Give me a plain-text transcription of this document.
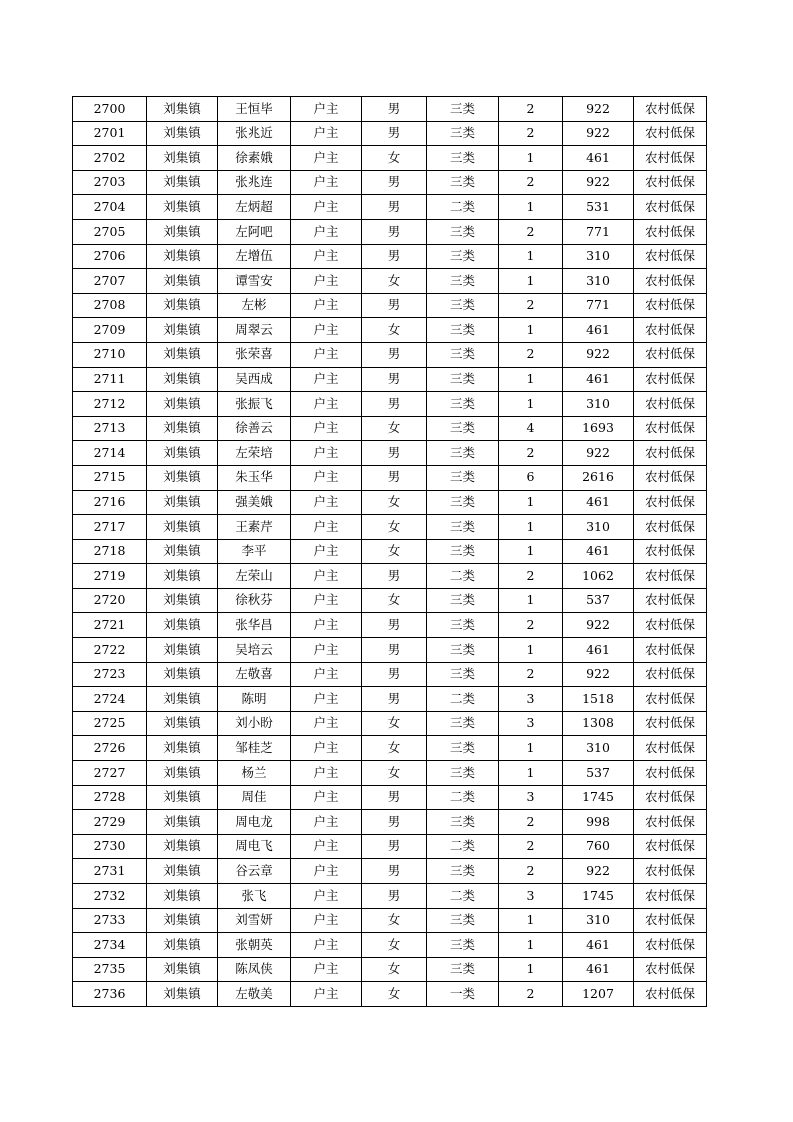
2700	刘集镇	王恒毕	户主	男	三类	2	922	农村低保
2701	刘集镇	张兆近	户主	男	三类	2	922	农村低保
2702	刘集镇	徐素娥	户主	女	三类	1	461	农村低保
2703	刘集镇	张兆连	户主	男	三类	2	922	农村低保
2704	刘集镇	左炳超	户主	男	二类	1	531	农村低保
2705	刘集镇	左阿吧	户主	男	三类	2	771	农村低保
2706	刘集镇	左增伍	户主	男	三类	1	310	农村低保
2707	刘集镇	谭雪安	户主	女	三类	1	310	农村低保
2708	刘集镇	左彬	户主	男	三类	2	771	农村低保
2709	刘集镇	周翠云	户主	女	三类	1	461	农村低保
2710	刘集镇	张荣喜	户主	男	三类	2	922	农村低保
2711	刘集镇	吴西成	户主	男	三类	1	461	农村低保
2712	刘集镇	张振飞	户主	男	三类	1	310	农村低保
2713	刘集镇	徐善云	户主	女	三类	4	1693	农村低保
2714	刘集镇	左荣培	户主	男	三类	2	922	农村低保
2715	刘集镇	朱玉华	户主	男	三类	6	2616	农村低保
2716	刘集镇	强美娥	户主	女	三类	1	461	农村低保
2717	刘集镇	王素芹	户主	女	三类	1	310	农村低保
2718	刘集镇	李平	户主	女	三类	1	461	农村低保
2719	刘集镇	左荣山	户主	男	二类	2	1062	农村低保
2720	刘集镇	徐秋芬	户主	女	三类	1	537	农村低保
2721	刘集镇	张华昌	户主	男	三类	2	922	农村低保
2722	刘集镇	吴培云	户主	男	三类	1	461	农村低保
2723	刘集镇	左敬喜	户主	男	三类	2	922	农村低保
2724	刘集镇	陈明	户主	男	二类	3	1518	农村低保
2725	刘集镇	刘小盼	户主	女	三类	3	1308	农村低保
2726	刘集镇	邹桂芝	户主	女	三类	1	310	农村低保
2727	刘集镇	杨兰	户主	女	三类	1	537	农村低保
2728	刘集镇	周佳	户主	男	二类	3	1745	农村低保
2729	刘集镇	周电龙	户主	男	三类	2	998	农村低保
2730	刘集镇	周电飞	户主	男	二类	2	760	农村低保
2731	刘集镇	谷云章	户主	男	三类	2	922	农村低保
2732	刘集镇	张飞	户主	男	二类	3	1745	农村低保
2733	刘集镇	刘雪妍	户主	女	三类	1	310	农村低保
2734	刘集镇	张朝英	户主	女	三类	1	461	农村低保
2735	刘集镇	陈凤侠	户主	女	三类	1	461	农村低保
2736	刘集镇	左敬美	户主	女	一类	2	1207	农村低保
